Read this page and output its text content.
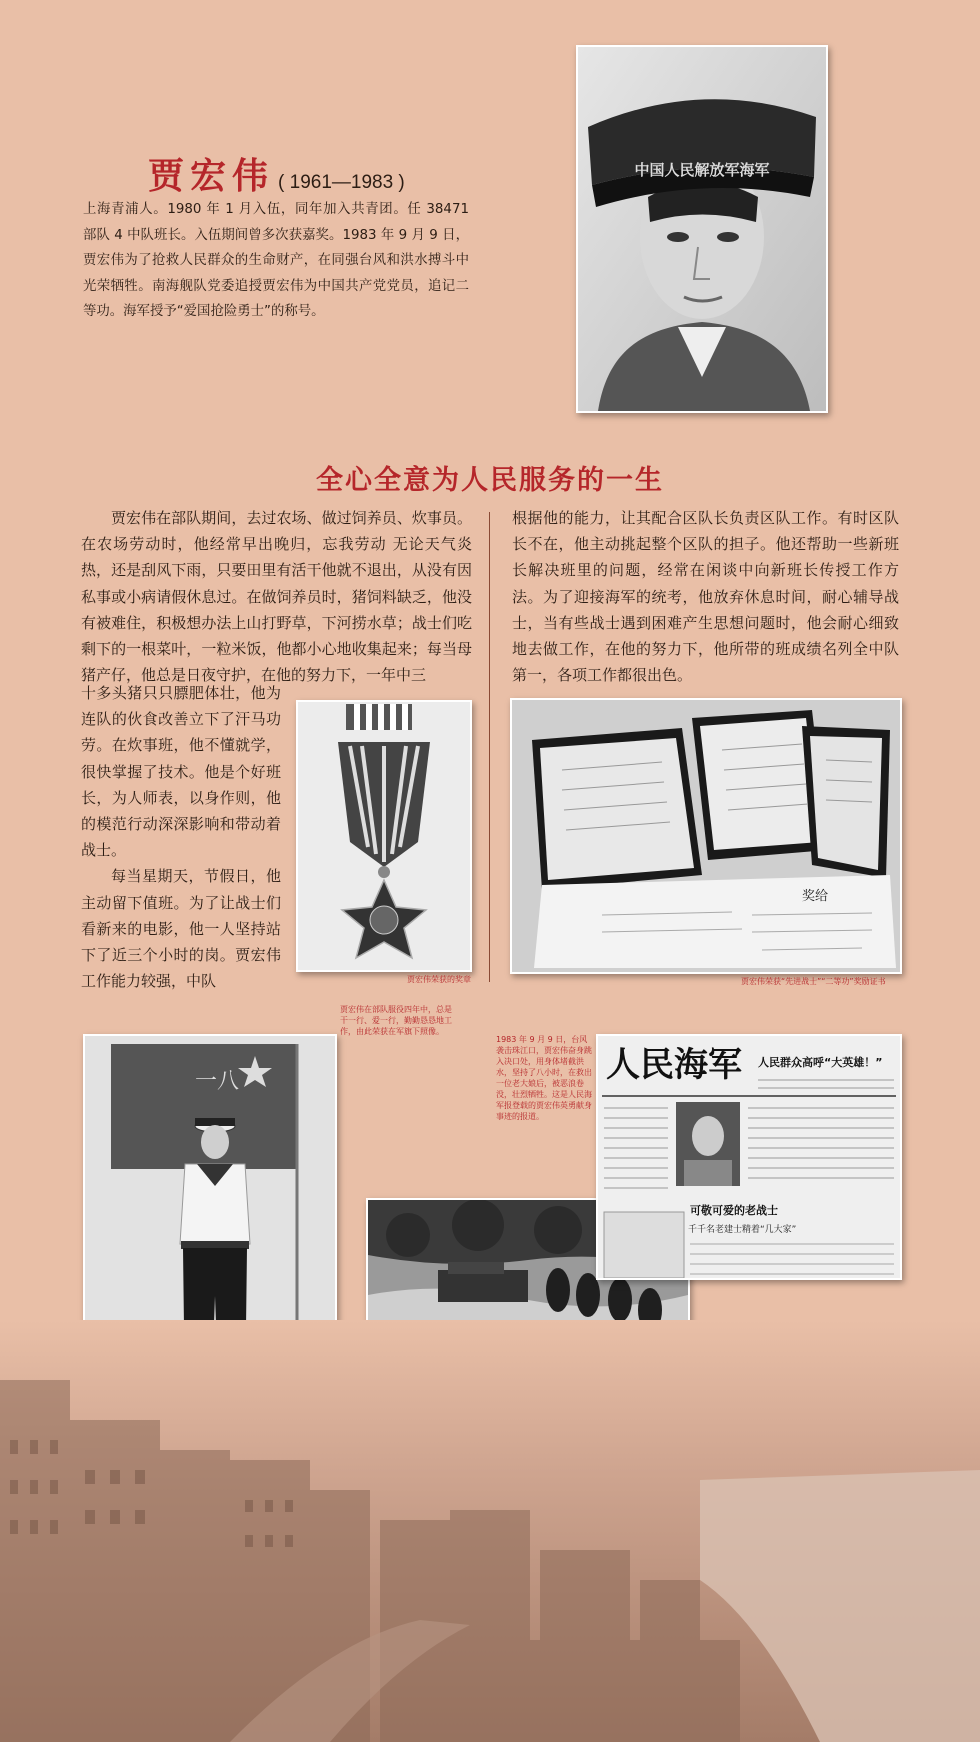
中国人民解放军海军
贾宏伟 ( 1961—1983 )

上海青浦人。1980 年 1 月入伍，同年加入共青团。任 38471 部队 4 中队班长。入伍期间曾多次获嘉奖。1983 年 9 月 9 日，贾宏伟为了抢救人民群众的生命财产，在同强台风和洪水搏斗中光荣牺牲。南海舰队党委追授贾宏伟为中国共产党党员，追记二等功。海军授予“爱国抢险勇士”的称号。

全心全意为人民服务的一生

贾宏伟在部队期间，去过农场、做过饲养员、炊事员。在农场劳动时，他经常早出晚归，忘我劳动 无论天气炎热，还是刮风下雨，只要田里有活干他就不退出，从没有因私事或小病请假休息过。在做饲养员时，猪饲料缺乏，他没有被难住，积极想办法上山打野草，下河捞水草；战士们吃剩下的一根菜叶，一粒米饭，他都小心地收集起来；每当母猪产仔，他总是日夜守护，在他的努力下，一年中三

十多头猪只只膘肥体壮，他为连队的伙食改善立下了汗马功劳。在炊事班，他不懂就学，很快掌握了技术。他是个好班长，为人师表，以身作则，他的模范行动深深影响和带动着战士。

每当星期天，节假日，他主动留下值班。为了让战士们看新来的电影，他一人坚持站下了近三个小时的岗。贾宏伟工作能力较强，中队

根据他的能力，让其配合区队长负责区队工作。有时区队长不在，他主动挑起整个区队的担子。他还帮助一些新班长解决班里的问题，经常在闲谈中向新班长传授工作方法。为了迎接海军的统考，他放弃休息时间，耐心辅导战士，当有些战士遇到困难产生思想问题时，他会耐心细致地去做工作，在他的努力下，他所带的班成绩名列全中队第一，各项工作都很出色。

贾宏伟荣获的奖章
奖给
贾宏伟荣获“先进战士”“二等功”奖励证书
一八
贾宏伟在部队服役四年中，总是干一行、爱一行，勤勤恳恳地工作，由此荣获在军旗下照像。
人民海军 人民群众高呼“大英雄！”
可敬可爱的老战士
千千名老建士精着“几大家”
1983 年 9 月 9 日，台风袭击珠江口，贾宏伟奋身跳入决口处，用身体堵截洪水，坚持了八小时，在救出一位老大娘后，被恶浪卷没，壮烈牺牲。这是人民海军报登载的贾宏伟英勇献身事迹的报道。
